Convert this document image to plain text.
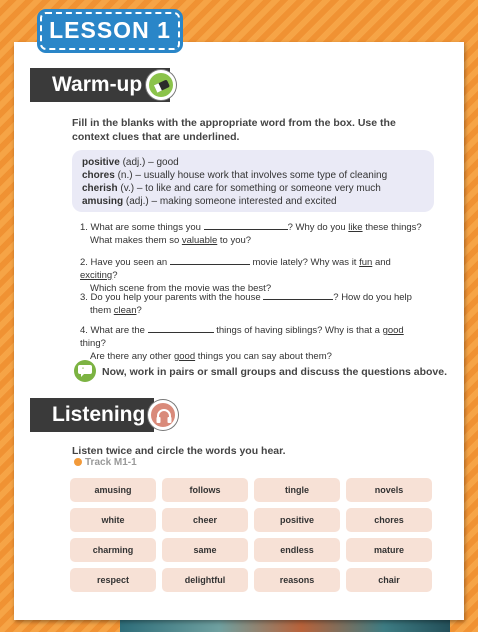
LESSON 1
Warm-up
Fill in the blanks with the appropriate word from the box. Use the context clues that are underlined.
positive (adj.) – good
chores (n.) – usually house work that involves some type of cleaning
cherish (v.) – to like and care for something or someone very much
amusing (adj.) – making someone interested and excited
1. What are some things you	? Why do you like these things?
What makes them so valuable to you?
2. Have you seen an	movie lately? Why was it fun and exciting?
Which scene from the movie was the best?
3. Do you help your parents with the house	? How do you help
them clean?
4. What are the	things of having siblings? Why is that a good thing?
Are there any other good things you can say about them?
" Now, work in pairs or small groups and discuss the questions above.
Listening
Listen twice and circle the words you hear.
Track M1-1
amusing	follows	tingle	novels
white	cheer	positive	chores
charming	same	endless	mature
respect	delightful	reasons	chair
